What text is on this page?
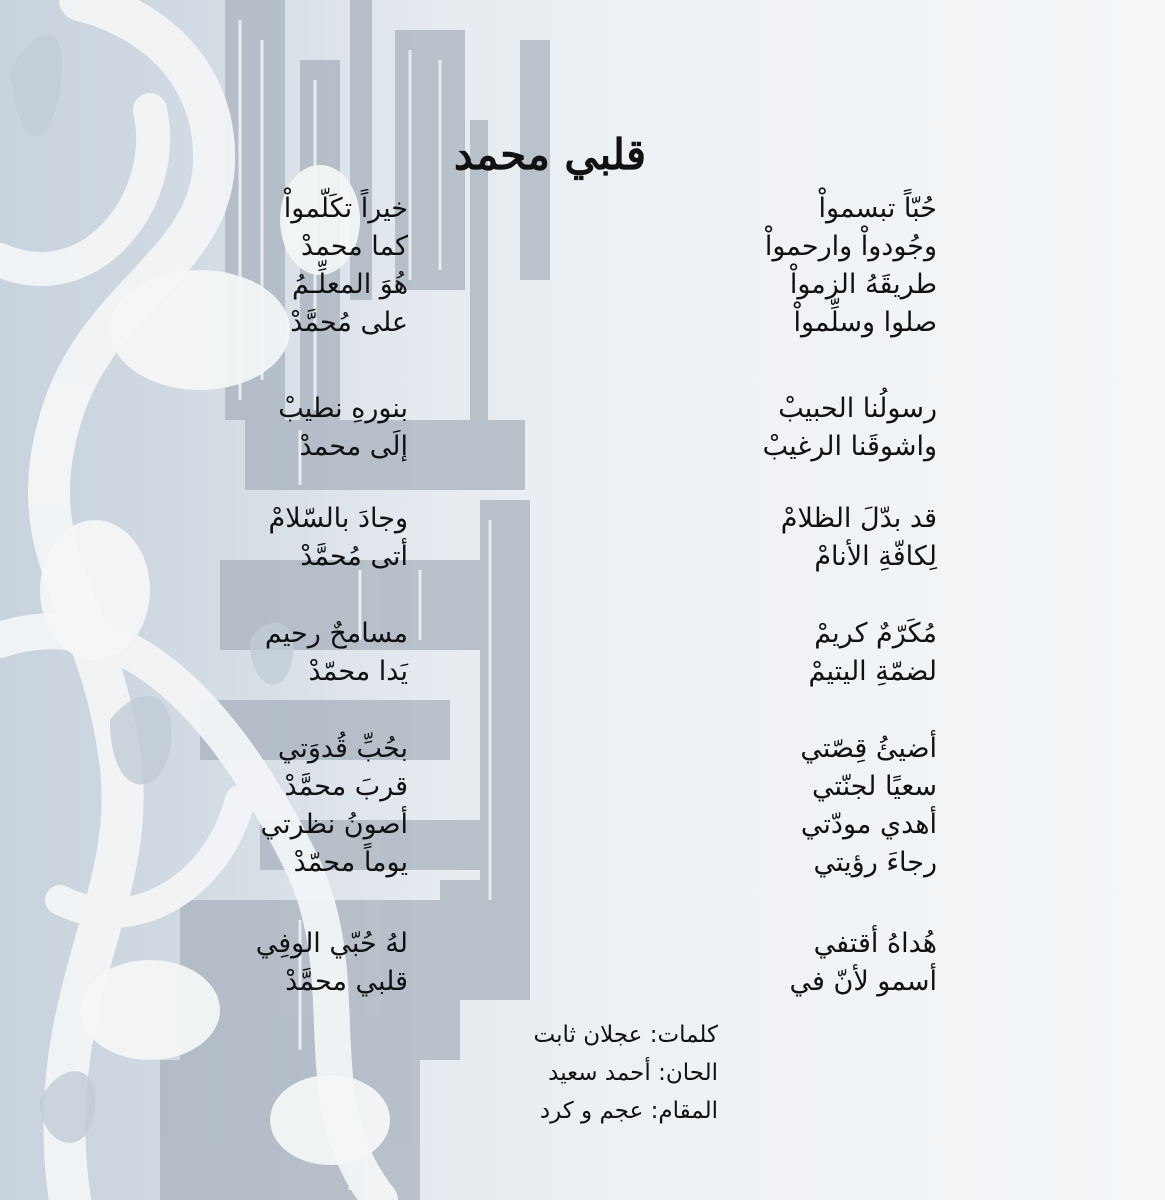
قلبي محمد
حُبّاً تبسمواْ
وجُودواْ وارحمواْ
طريقَهُ الزمواْ
صلوا وسلِّمواْ
رسولُنا الحبيبْ
واشوقَنا الرغيبْ
قد بدّلَ الظلامْ
لِكافّةِ الأنامْ
مُكَرّمٌ كريمْ
لضمّةِ اليتيمْ
أضيئُ قِصّتي
سعيًا لجنّتي
أهدي مودّتي
رجاءَ رؤيتي
هُداهُ أقتفي
أسمو لأنّ في
خيراً تكَلّمواْ
كما محمدْ
هُوَ المعلِّـمُ
على مُحمَّدْ
بنورهِ نطيبْ
إلَى محمدْ
وجادَ بالسّلامْ
أتى مُحمَّدْ
مسامحٌ رحيم
يَدا محمّدْ
بحُبِّ قُدوَتي
قربَ محمَّدْ
أصونُ نظرتي
يوماً محمّدْ
لهُ حُبّي الوفِي
قلبي محمَّدْ
كلمات: عجلان ثابت
الحان: أحمد سعيد
المقام: عجم و كرد
